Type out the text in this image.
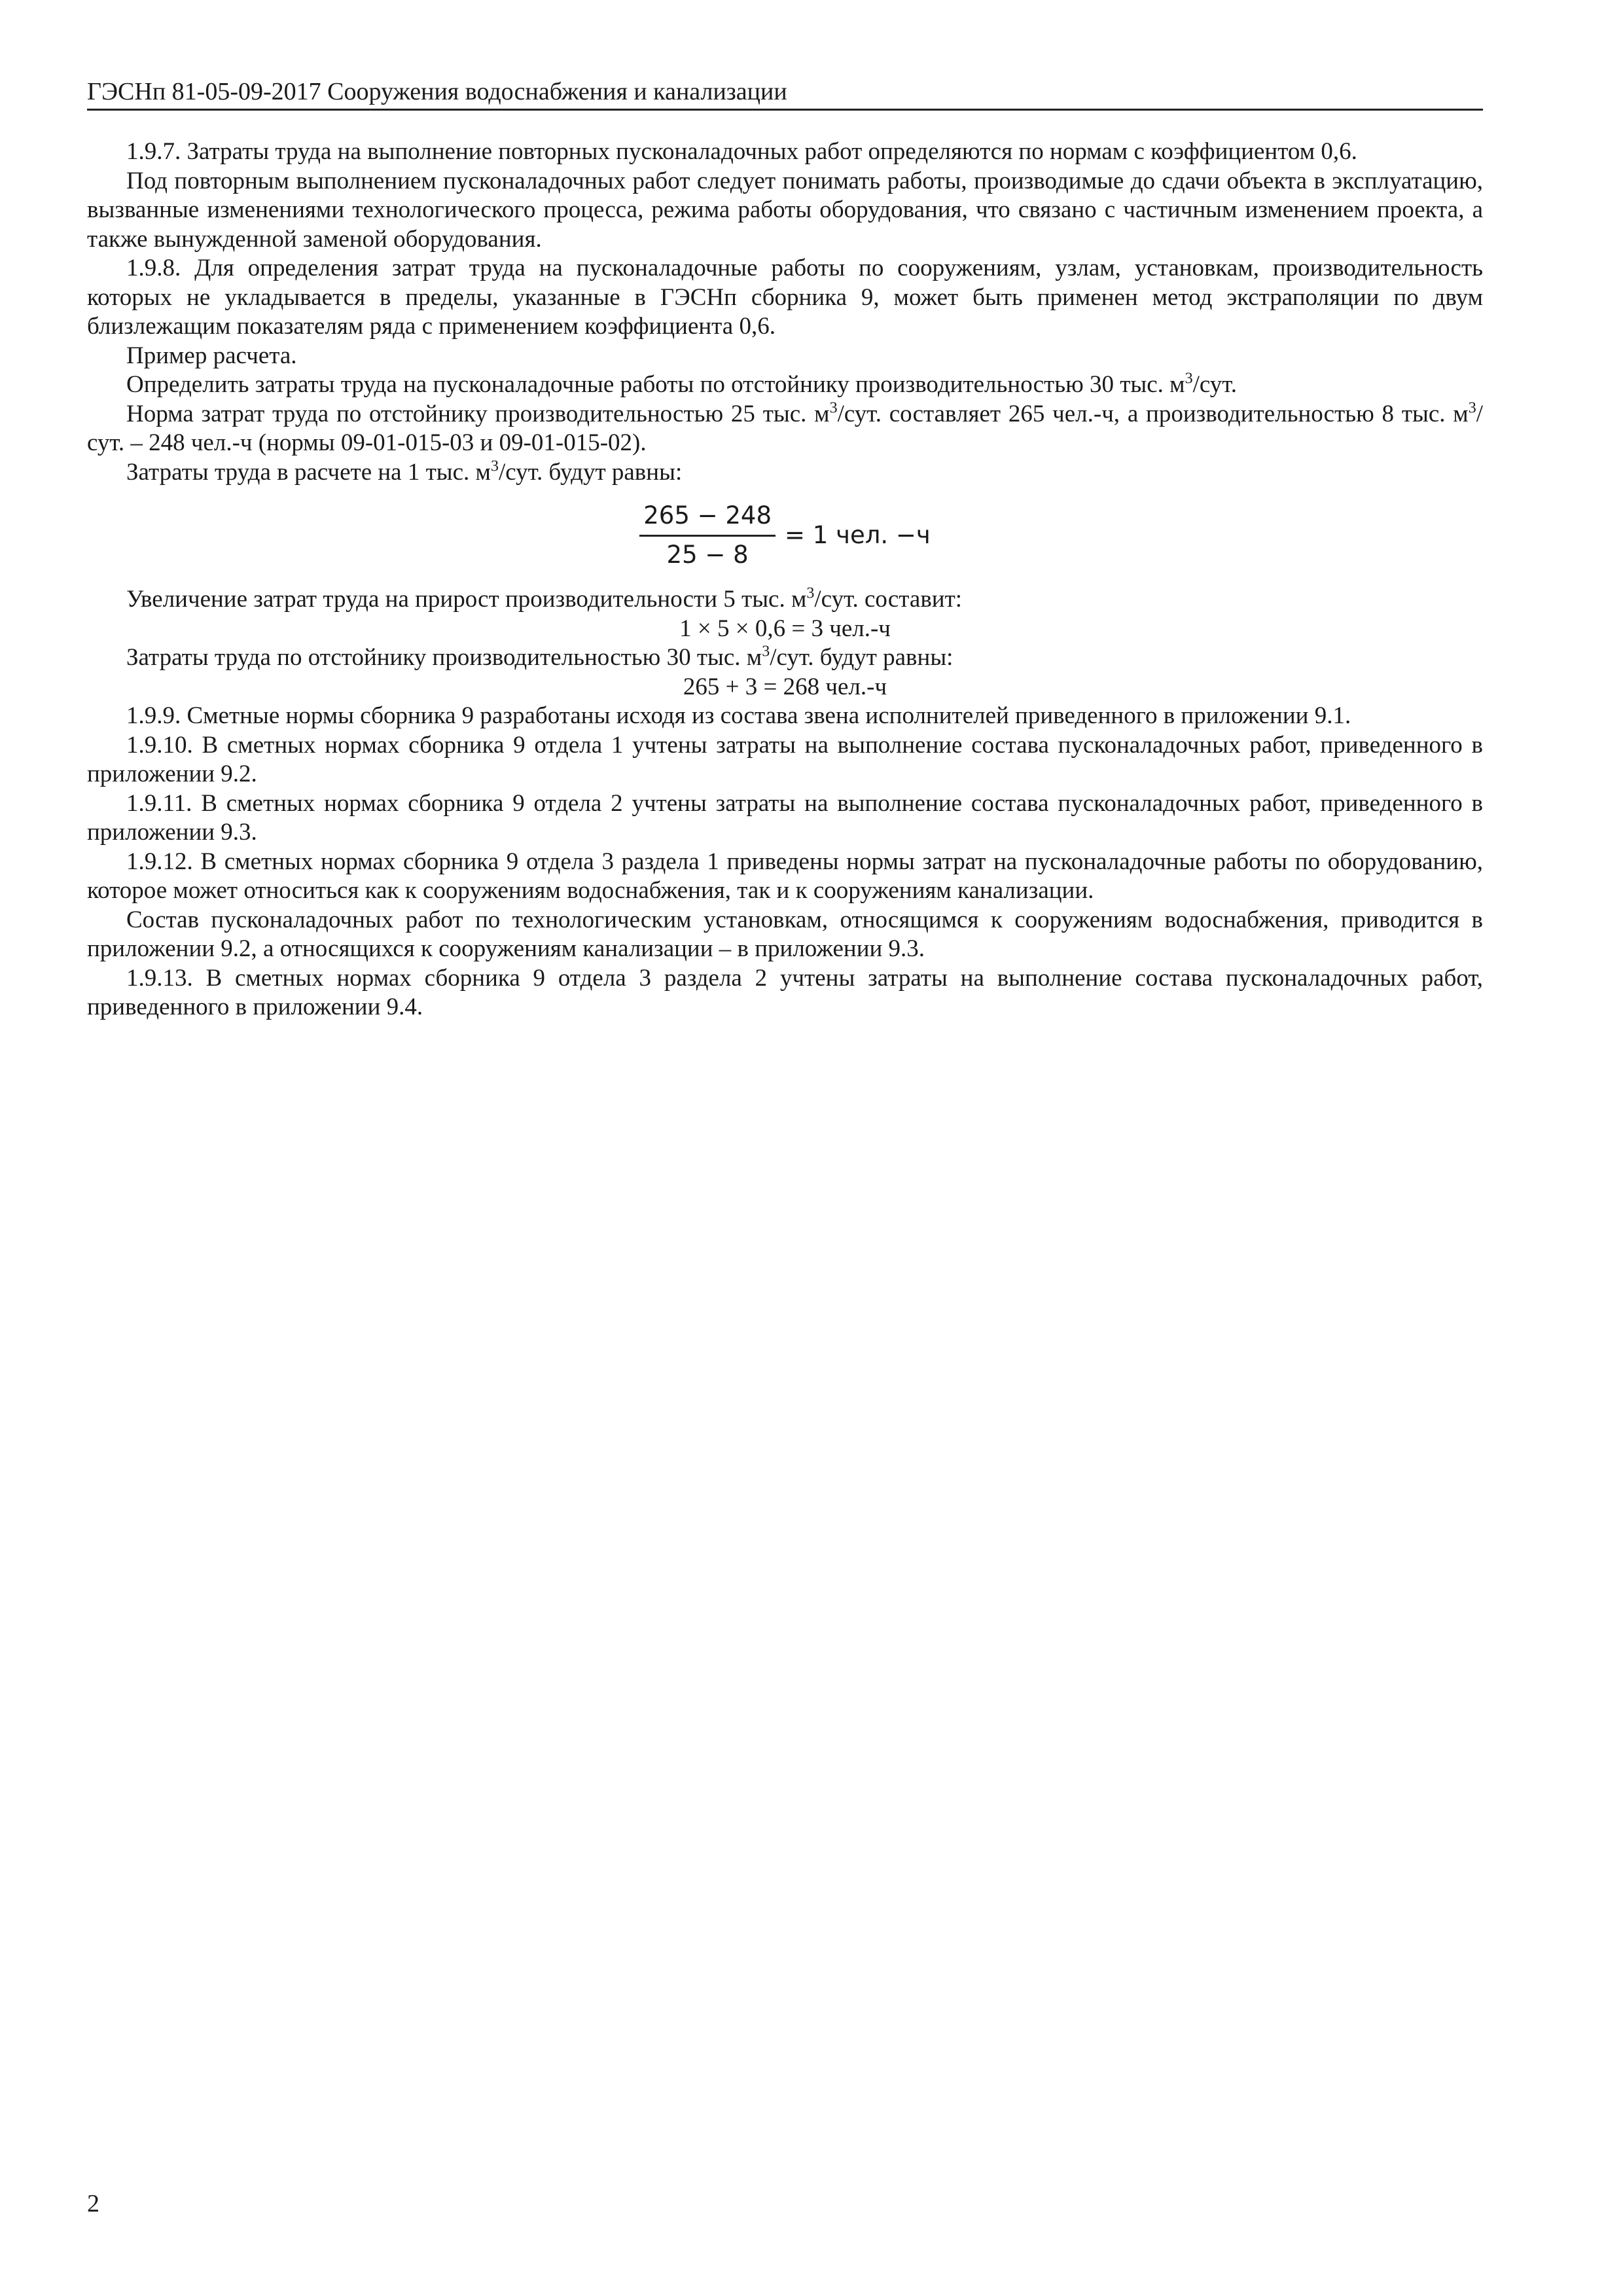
ГЭСНп 81-05-09-2017 Сооружения водоснабжения и канализации

1.9.7. Затраты труда на выполнение повторных пусконаладочных работ определяются по нормам с коэффициентом 0,6.

Под повторным выполнением пусконаладочных работ следует понимать работы, производимые до сдачи объекта в эксплуатацию, вызванные изменениями технологического процесса, режима работы оборудования, что связано с частичным изменением проекта, а также вынужденной заменой оборудования.

1.9.8. Для определения затрат труда на пусконаладочные работы по сооружениям, узлам, установкам, производительность которых не укладывается в пределы, указанные в ГЭСНп сборника 9, может быть применен метод экстраполяции по двум близлежащим показателям ряда с применением коэффициента 0,6.

Пример расчета.

Определить затраты труда на пусконаладочные работы по отстойнику производительностью 30 тыс. $м^3$/сут.

Норма затрат труда по отстойнику производительностью 25 тыс. $м^3$/сут. составляет 265 чел.-ч, а производительностью 8 тыс. $м^3$/сут. – 248 чел.-ч (нормы 09-01-015-03 и 09-01-015-02).

Затраты труда в расчете на 1 тыс. $м^3$/сут. будут равны:

$\frac{265 - 248}{25 - 8} = 1$ чел. −ч

Увеличение затрат труда на прирост производительности 5 тыс. $м^3$/сут. составит:

1 × 5 × 0,6 = 3 чел.-ч

Затраты труда по отстойнику производительностью 30 тыс. $м^3$/сут. будут равны:

265 + 3 = 268 чел.-ч

1.9.9. Сметные нормы сборника 9 разработаны исходя из состава звена исполнителей приведенного в приложении 9.1.

1.9.10. В сметных нормах сборника 9 отдела 1 учтены затраты на выполнение состава пусконаладочных работ, приведенного в приложении 9.2.

1.9.11. В сметных нормах сборника 9 отдела 2 учтены затраты на выполнение состава пусконаладочных работ, приведенного в приложении 9.3.

1.9.12. В сметных нормах сборника 9 отдела 3 раздела 1 приведены нормы затрат на пусконаладочные работы по оборудованию, которое может относиться как к сооружениям водоснабжения, так и к сооружениям канализации.

Состав пусконаладочных работ по технологическим установкам, относящимся к сооружениям водоснабжения, приводится в приложении 9.2, а относящихся к сооружениям канализации – в приложении 9.3.

1.9.13. В сметных нормах сборника 9 отдела 3 раздела 2 учтены затраты на выполнение состава пусконаладочных работ, приведенного в приложении 9.4.

2
